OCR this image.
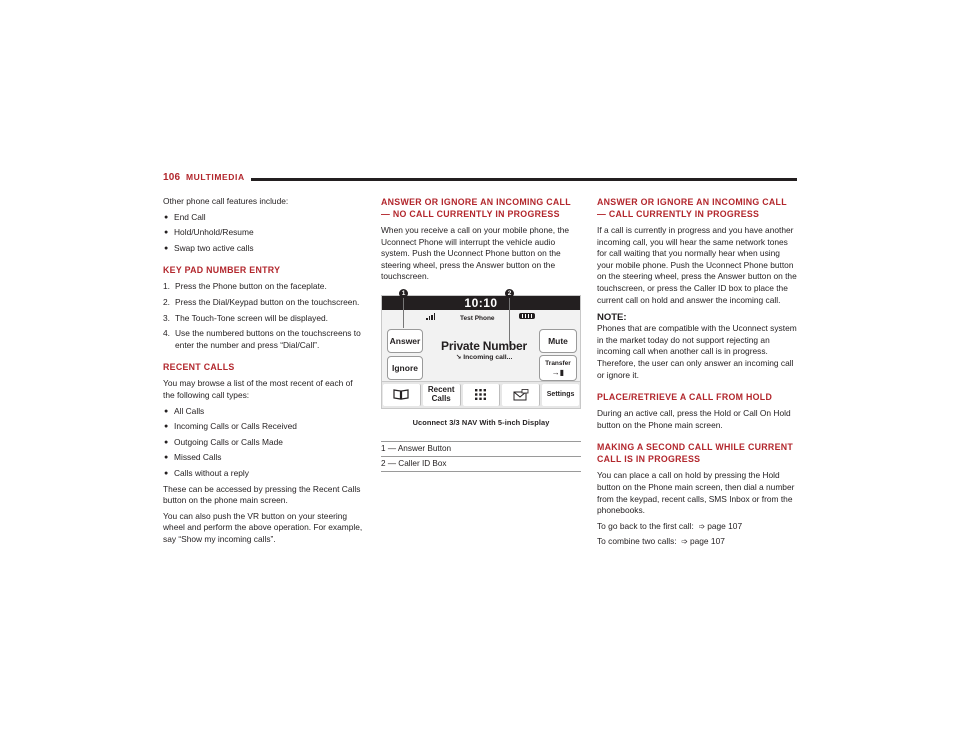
106 MULTIMEDIA

Other phone call features include:

● End Call
● Hold/Unhold/Resume
● Swap two active calls
KEY PAD NUMBER ENTRY
1. Press the Phone button on the faceplate.
2. Press the Dial/Keypad button on the touchscreen.
3. The Touch-Tone screen will be displayed.
4. Use the numbered buttons on the touchscreens to enter the number and press “Dial/Call”.
RECENT CALLS

You may browse a list of the most recent of each of the following call types:

● All Calls
● Incoming Calls or Calls Received
● Outgoing Calls or Calls Made
● Missed Calls
● Calls without a reply

These can be accessed by pressing the Recent Calls button on the phone main screen.

You can also push the VR button on your steering wheel and perform the above operation. For example, say “Show my incoming calls”.

ANSWER OR IGNORE AN INCOMING CALL — NO CALL CURRENTLY IN PROGRESS

When you receive a call on your mobile phone, the Uconnect Phone will interrupt the vehicle audio system. Push the Uconnect Phone button on the steering wheel, press the Answer button on the touchscreen.

10:10
Test Phone
Answer
Ignore
Private Number
↘ Incoming call...
Mute
Transfer
→▮
Recent Calls	Settings
1	2
Uconnect 3/3 NAV With 5-inch Display
1 — Answer Button
2 — Caller ID Box
ANSWER OR IGNORE AN INCOMING CALL — CALL CURRENTLY IN PROGRESS

If a call is currently in progress and you have another incoming call, you will hear the same network tones for call waiting that you normally hear when using your mobile phone. Push the Uconnect Phone button on the steering wheel, press the Answer button on the touchscreen, or press the Caller ID box to place the current call on hold and answer the incoming call.

NOTE:

Phones that are compatible with the Uconnect system in the market today do not support rejecting an incoming call when another call is in progress. Therefore, the user can only answer an incoming call or ignore it.

PLACE/RETRIEVE A CALL FROM HOLD

During an active call, press the Hold or Call On Hold button on the Phone main screen.

MAKING A SECOND CALL WHILE CURRENT CALL IS IN PROGRESS

You can place a call on hold by pressing the Hold button on the Phone main screen, then dial a number from the keypad, recent calls, SMS Inbox or from the phonebooks.

To go back to the first call: ➩ page 107

To combine two calls: ➩ page 107
